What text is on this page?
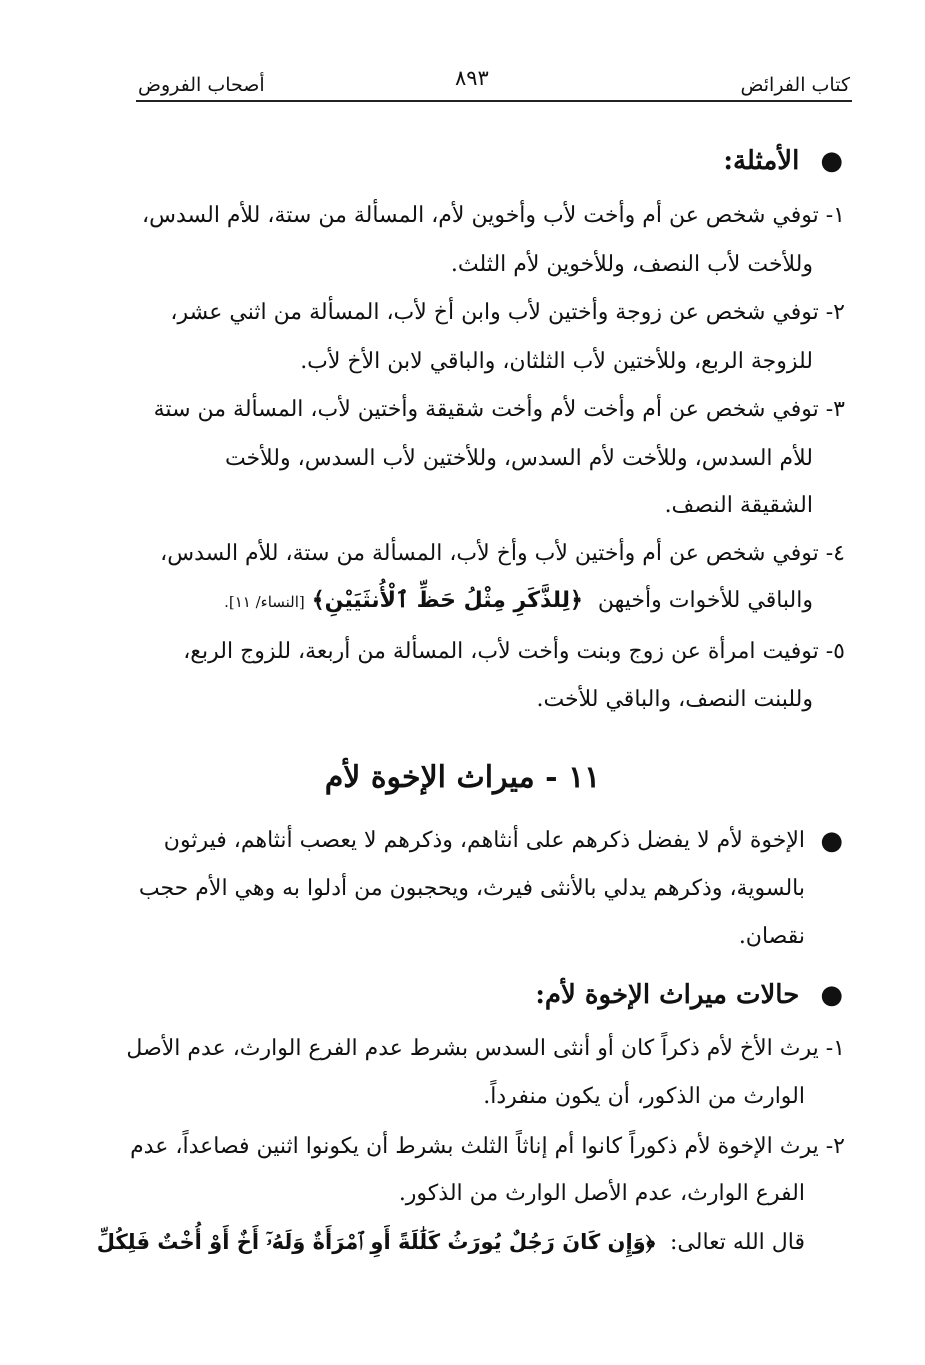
كتاب الفرائض
٨٩٣
أصحاب الفروض
● الأمثلة:
١- توفي شخص عن أم وأخت لأب وأخوين لأم، المسألة من ستة، للأم السدس،
وللأخت لأب النصف، وللأخوين لأم الثلث.
٢- توفي شخص عن زوجة وأختين لأب وابن أخ لأب، المسألة من اثني عشر،
للزوجة الربع، وللأختين لأب الثلثان، والباقي لابن الأخ لأب.
٣- توفي شخص عن أم وأخت لأم وأخت شقيقة وأختين لأب، المسألة من ستة
للأم السدس، وللأخت لأم السدس، وللأختين لأب السدس، وللأخت
الشقيقة النصف.
٤- توفي شخص عن أم وأختين لأب وأخ لأب، المسألة من ستة، للأم السدس،
والباقي للأخوات وأخيهن ﴿لِلذَّكَرِ مِثْلُ حَظِّ ٱلْأُنثَيَيْنِ﴾ [النساء/ ١١].
٥- توفيت امرأة عن زوج وبنت وأخت لأب، المسألة من أربعة، للزوج الربع،
وللبنت النصف، والباقي للأخت.
١١ - ميراث الإخوة لأم
●
الإخوة لأم لا يفضل ذكرهم على أنثاهم، وذكرهم لا يعصب أنثاهم، فيرثون
بالسوية، وذكرهم يدلي بالأنثى فيرث، ويحجبون من أدلوا به وهي الأم حجب
نقصان.
● حالات ميراث الإخوة لأم:
١- يرث الأخ لأم ذكراً كان أو أنثى السدس بشرط عدم الفرع الوارث، عدم الأصل
الوارث من الذكور، أن يكون منفرداً.
٢- يرث الإخوة لأم ذكوراً كانوا أم إناثاً الثلث بشرط أن يكونوا اثنين فصاعداً، عدم
الفرع الوارث، عدم الأصل الوارث من الذكور.
قال الله تعالى: ﴿وَإِن كَانَ رَجُلٌ يُورَثُ كَلَٰلَةً أَوِ ٱمْرَأَةٌ وَلَهُۥٓ أَخٌ أَوْ أُخْتٌ فَلِكُلِّ
